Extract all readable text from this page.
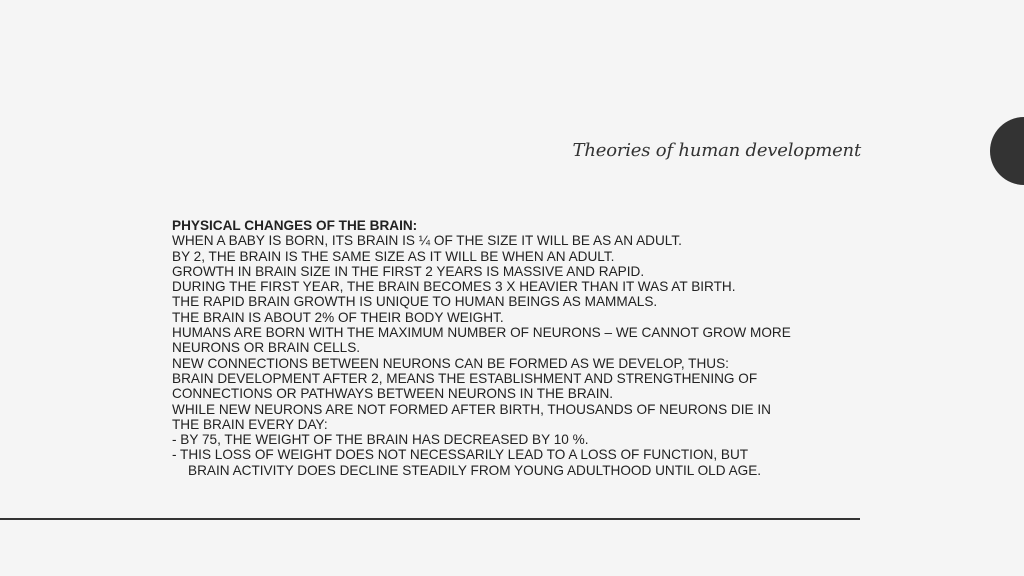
Theories of human development
PHYSICAL CHANGES OF THE BRAIN:
WHEN A BABY IS BORN, ITS BRAIN IS ¼ OF THE SIZE IT WILL BE AS AN ADULT.
BY 2, THE BRAIN IS THE SAME SIZE AS IT WILL BE WHEN AN ADULT.
GROWTH IN BRAIN SIZE IN THE FIRST 2 YEARS IS MASSIVE AND RAPID.
DURING THE FIRST YEAR, THE BRAIN BECOMES 3 X HEAVIER THAN IT WAS AT BIRTH.
THE RAPID BRAIN GROWTH IS UNIQUE TO HUMAN BEINGS AS MAMMALS.
THE BRAIN IS ABOUT 2% OF THEIR BODY WEIGHT.
HUMANS ARE BORN WITH THE MAXIMUM NUMBER OF NEURONS – WE CANNOT GROW MORE
NEURONS OR BRAIN CELLS.
NEW CONNECTIONS BETWEEN NEURONS CAN BE FORMED AS WE DEVELOP, THUS:
BRAIN DEVELOPMENT AFTER 2, MEANS THE ESTABLISHMENT AND STRENGTHENING OF
CONNECTIONS OR PATHWAYS BETWEEN NEURONS IN THE BRAIN.
WHILE NEW NEURONS ARE NOT FORMED AFTER BIRTH, THOUSANDS OF NEURONS DIE IN
THE BRAIN EVERY DAY:
- BY 75, THE WEIGHT OF THE BRAIN HAS DECREASED BY 10 %.
- THIS LOSS OF WEIGHT DOES NOT NECESSARILY LEAD TO A LOSS OF FUNCTION, BUT
BRAIN ACTIVITY DOES DECLINE STEADILY FROM YOUNG ADULTHOOD UNTIL OLD AGE.
